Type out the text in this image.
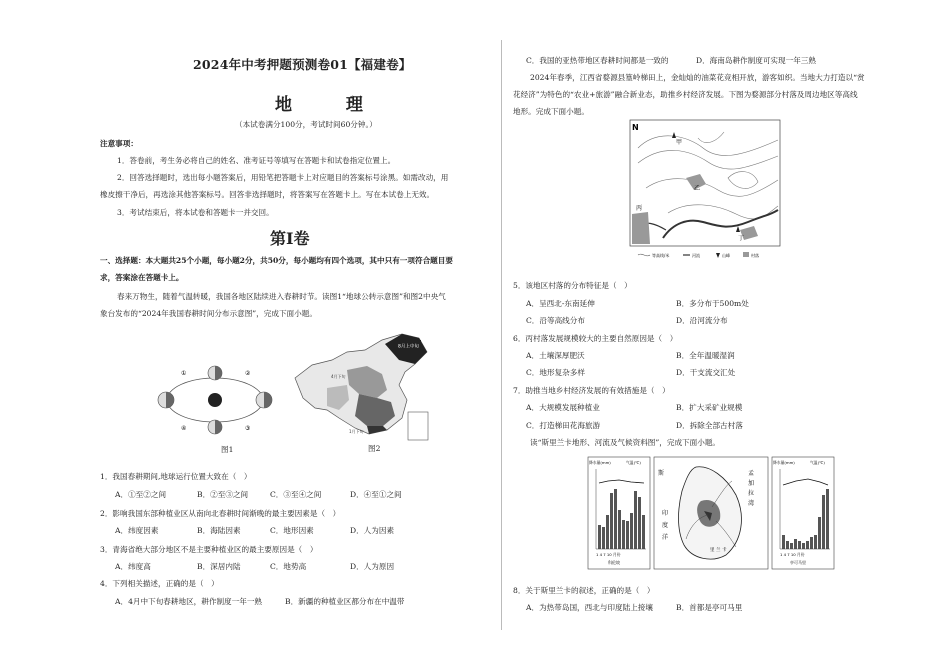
2024年中考押题预测卷01【福建卷】
地 理
（本试卷满分100分，考试时间60分钟。）
注意事项：
1．答卷前，考生务必将自己的姓名、准考证号等填写在答题卡和试卷指定位置上。
2．回答选择题时，选出每小题答案后，用铅笔把答题卡上对应题目的答案标号涂黑。如需改动，用
橡皮擦干净后，再选涂其他答案标号。回答非选择题时，将答案写在答题卡上。写在本试卷上无效。
3．考试结束后，将本试卷和答题卡一并交回。
第Ⅰ卷
一、选择题：本大题共25个小题，每小题2分，共50分，每小题均有四个选项，其中只有一项符合题目要
求，答案涂在答题卡上。
春来万物生，随着气温转暖，我国各地区陆续进入春耕时节。读图1“地球公转示意图”和图2中央气
象台发布的“2024年我国春耕时间分布示意图”，完成下面小题。
①	②
③
④
图1
8月上中旬
4月下旬
1月下旬
图2
1．我国春耕期间,地球运行位置大致在（　）
A．①至②之间	B．②至③之间	C．③至④之间	D．④至①之间
2．影响我国东部种植业区从南向北春耕时间渐晚的最主要因素是（　）
A．纬度因素	B．海陆因素	C．地形因素	D．人为因素
3．青海省绝大部分地区不是主要种植业区的最主要原因是（　）
A．纬度高	B．深居内陆	C．地势高	D．人为原因
4．下列相关描述，正确的是（　）
A．4月中下旬春耕地区，耕作制度一年一熟	B．新疆的种植业区都分布在中温带
C．我国的亚热带地区春耕时间都是一致的	D．海南岛耕作制度可实现一年三熟
2024年春季，江西省婺源县篁岭梯田上，金灿灿的油菜花竞相开放，游客如织。当地大力打造以“赏
花经济”为特色的“农业+旅游”融合新业态，助推乡村经济发展。下图为婺源部分村落及周边地区等高线
地形。完成下面小题。
N
甲
乙
丙
丁
等高线/米	河流	山峰	村落
5．该地区村落的分布特征是（　）
A．呈西北-东南延伸	B．多分布于500m处
C．沿等高线分布	D．沿河流分布
6．丙村落发展规模较大的主要自然原因是（　）
A．土壤深厚肥沃	B．全年温暖湿润
C．地形复杂多样	D．干支流交汇处
7．助推当地乡村经济发展的有效措施是（　）
A．大规模发展种植业	B．扩大采矿业规模
C．打造梯田花海旅游	D．拆除全部古村落
读“斯里兰卡地形、河流及气候资料图”，完成下面小题。
降水量(mm)	气温(℃)
1 4 7 10 月份
科伦坡
斯	孟
加
拉
湾
印
度
洋
里 兰 卡
降水量(mm)	气温(℃)
1 4 7 10 月份
亭可马里
8．关于斯里兰卡的叙述，正确的是（　）
A．为热带岛国，西北与印度陆上接壤	B．首都是亭可马里
